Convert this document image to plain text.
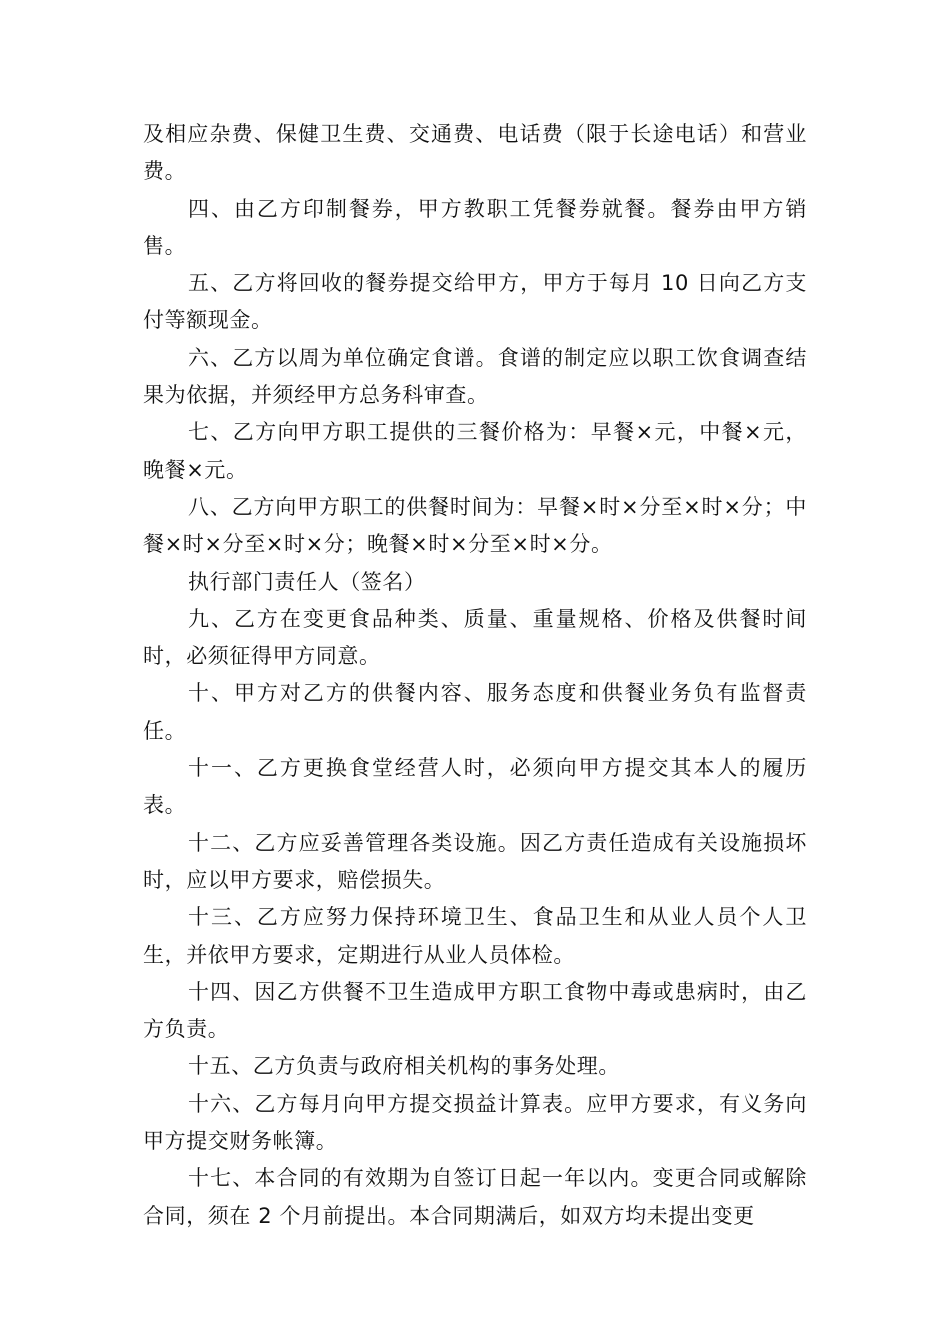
及相应杂费、保健卫生费、交通费、电话费（限于长途电话）和营业费。

四、由乙方印制餐券，甲方教职工凭餐券就餐。餐券由甲方销售。

五、乙方将回收的餐券提交给甲方，甲方于每月 10 日向乙方支付等额现金。

六、乙方以周为单位确定食谱。食谱的制定应以职工饮食调查结果为依据，并须经甲方总务科审查。

七、乙方向甲方职工提供的三餐价格为：早餐×元，中餐×元，晚餐×元。

八、乙方向甲方职工的供餐时间为：早餐×时×分至×时×分；中餐×时×分至×时×分；晚餐×时×分至×时×分。

执行部门责任人（签名）

九、乙方在变更食品种类、质量、重量规格、价格及供餐时间时，必须征得甲方同意。

十、甲方对乙方的供餐内容、服务态度和供餐业务负有监督责任。

十一、乙方更换食堂经营人时，必须向甲方提交其本人的履历表。

十二、乙方应妥善管理各类设施。因乙方责任造成有关设施损坏时，应以甲方要求，赔偿损失。

十三、乙方应努力保持环境卫生、食品卫生和从业人员个人卫生，并依甲方要求，定期进行从业人员体检。

十四、因乙方供餐不卫生造成甲方职工食物中毒或患病时，由乙方负责。

十五、乙方负责与政府相关机构的事务处理。

十六、乙方每月向甲方提交损益计算表。应甲方要求，有义务向甲方提交财务帐簿。

十七、本合同的有效期为自签订日起一年以内。变更合同或解除合同，须在 2 个月前提出。本合同期满后，如双方均未提出变更
